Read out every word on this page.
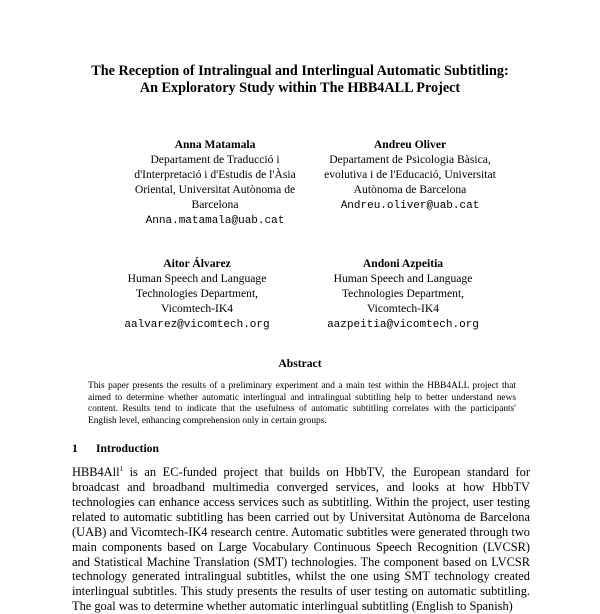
The Reception of Intralingual and Interlingual Automatic Subtitling:
An Exploratory Study within The HBB4ALL Project
Anna Matamala
Departament de Traducció i
d'Interpretació i d'Estudis de l'Àsia
Oriental, Universitat Autònoma de
Barcelona
Anna.matamala@uab.cat
Andreu Oliver
Departament de Psicologia Bàsica,
evolutiva i de l'Educació, Universitat
Autònoma de Barcelona
Andreu.oliver@uab.cat
Aitor Álvarez
Human Speech and Language
Technologies Department,
Vicomtech-IK4
aalvarez@vicomtech.org
Andoni Azpeitia
Human Speech and Language
Technologies Department,
Vicomtech-IK4
aazpeitia@vicomtech.org
Abstract
This paper presents the results of a preliminary experiment and a main test within the HBB4ALL project that aimed to determine whether automatic interlingual and intralingual subtitling help to better understand news content. Results tend to indicate that the usefulness of automatic subtitling correlates with the participants' English level, enhancing comprehension only in certain groups.
1 Introduction
HBB4All$^1$ is an EC-funded project that builds on HbbTV, the European standard for broadcast and broadband multimedia converged services, and looks at how HbbTV technologies can enhance access services such as subtitling. Within the project, user testing related to automatic subtitling has been carried out by Universitat Autònoma de Barcelona (UAB) and Vicomtech-IK4 research centre. Automatic subtitles were generated through two main components based on Large Vocabulary Continuous Speech Recognition (LVCSR) and Statistical Machine Translation (SMT) technologies. The component based on LVCSR technology generated intralingual subtitles, whilst the one using SMT technology created interlingual subtitles. This study presents the results of user testing on automatic subtitling. The goal was to determine whether automatic interlingual subtitling (English to Spanish)
